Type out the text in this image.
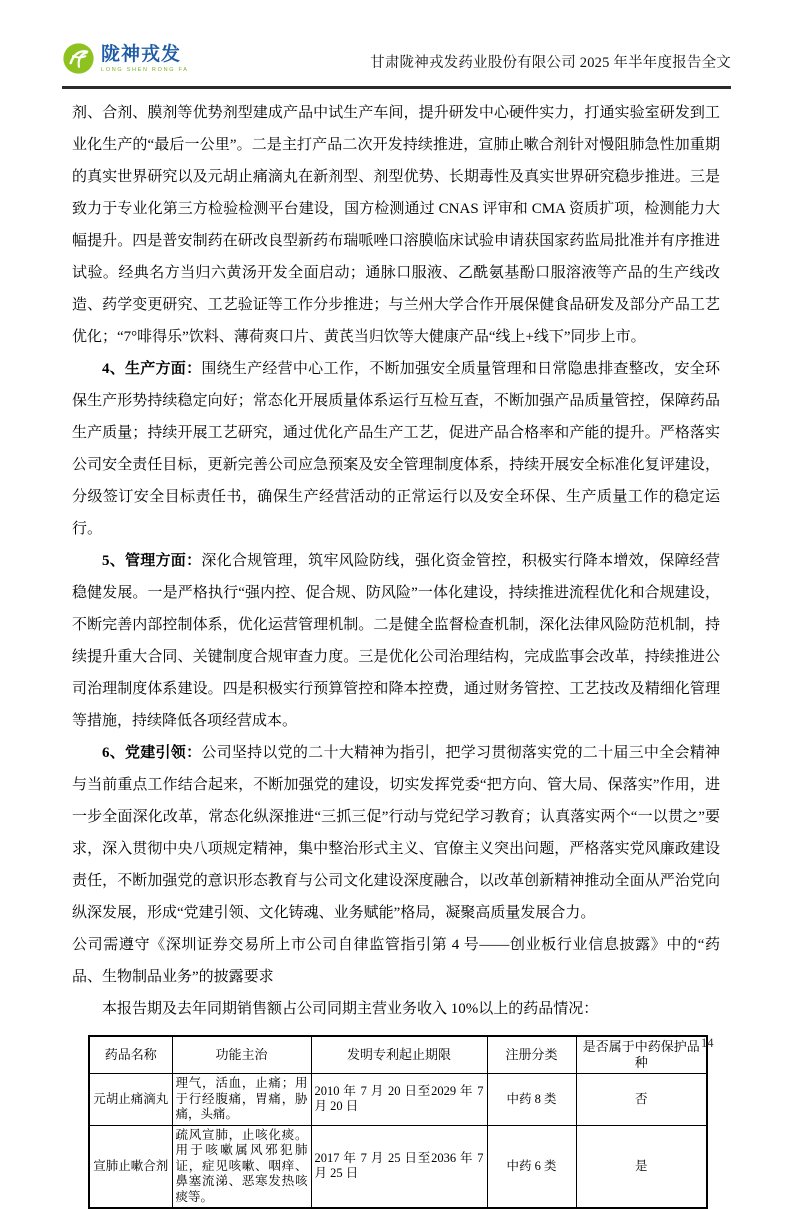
陇神戎发
LONG SHEN RONG FA	甘肃陇神戎发药业股份有限公司 2025 年半年度报告全文

剂、合剂、膜剂等优势剂型建成产品中试生产车间，提升研发中心硬件实力，打通实验室研发到工业化生产的“最后一公里”。二是主打产品二次开发持续推进，宣肺止嗽合剂针对慢阻肺急性加重期的真实世界研究以及元胡止痛滴丸在新剂型、剂型优势、长期毒性及真实世界研究稳步推进。三是致力于专业化第三方检验检测平台建设，国方检测通过 CNAS 评审和 CMA 资质扩项，检测能力大幅提升。四是普安制药在研改良型新药布瑞哌唑口溶膜临床试验申请获国家药监局批准并有序推进试验。经典名方当归六黄汤开发全面启动；通脉口服液、乙酰氨基酚口服溶液等产品的生产线改造、药学变更研究、工艺验证等工作分步推进；与兰州大学合作开展保健食品研发及部分产品工艺优化；“7°啡得乐”饮料、薄荷爽口片、黄芪当归饮等大健康产品“线上+线下”同步上市。

4、生产方面：围绕生产经营中心工作，不断加强安全质量管理和日常隐患排查整改，安全环保生产形势持续稳定向好；常态化开展质量体系运行互检互查，不断加强产品质量管控，保障药品生产质量；持续开展工艺研究，通过优化产品生产工艺，促进产品合格率和产能的提升。严格落实公司安全责任目标，更新完善公司应急预案及安全管理制度体系，持续开展安全标准化复评建设，分级签订安全目标责任书，确保生产经营活动的正常运行以及安全环保、生产质量工作的稳定运行。

5、管理方面：深化合规管理，筑牢风险防线，强化资金管控，积极实行降本增效，保障经营稳健发展。一是严格执行“强内控、促合规、防风险”一体化建设，持续推进流程优化和合规建设，不断完善内部控制体系，优化运营管理机制。二是健全监督检查机制，深化法律风险防范机制，持续提升重大合同、关键制度合规审查力度。三是优化公司治理结构，完成监事会改革，持续推进公司治理制度体系建设。四是积极实行预算管控和降本控费，通过财务管控、工艺技改及精细化管理等措施，持续降低各项经营成本。

6、党建引领：公司坚持以党的二十大精神为指引，把学习贯彻落实党的二十届三中全会精神与当前重点工作结合起来，不断加强党的建设，切实发挥党委“把方向、管大局、保落实”作用，进一步全面深化改革，常态化纵深推进“三抓三促”行动与党纪学习教育；认真落实两个“一以贯之”要求，深入贯彻中央八项规定精神，集中整治形式主义、官僚主义突出问题，严格落实党风廉政建设责任，不断加强党的意识形态教育与公司文化建设深度融合，以改革创新精神推动全面从严治党向纵深发展，形成“党建引领、文化铸魂、业务赋能”格局，凝聚高质量发展合力。

公司需遵守《深圳证券交易所上市公司自律监管指引第 4 号——创业板行业信息披露》中的“药品、生物制品业务”的披露要求

本报告期及去年同期销售额占公司同期主营业务收入 10%以上的药品情况：

药品名称	功能主治	发明专利起止期限	注册分类	是否属于中药保护品种
元胡止痛滴丸	理气，活血，止痛；用于行经腹痛，胃痛，胁痛，头痛。	2010 年 7 月 20 日至2029 年 7 月 20 日	中药 8 类	否
宣肺止嗽合剂	疏风宣肺，止咳化痰。用于咳嗽属风邪犯肺证，症见咳嗽、咽痒、鼻塞流涕、恶寒发热咳痰等。	2017 年 7 月 25 日至2036 年 7 月 25 日	中药 6 类	是
14
